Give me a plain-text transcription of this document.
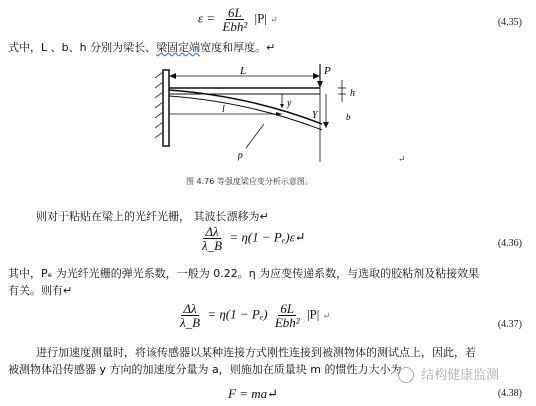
$\varepsilon = \frac{6L}{\text{Ebh²}} |P|$ ↵	(4.35)
式中，L 、b、h 分别为梁长、梁固定端宽度和厚度。↵
L	P
h
Y
y
l
ρ
b
↵
图 4.76 等强度梁应变分析示意图。
则对于粘贴在梁上的光纤光栅， 其波长漂移为↵
$\frac{\Delta\lambda}{\lambda\_B} = \eta(1$ − Pₑ)ε↵	(4.36)
其中，Pₑ 为光纤光栅的弹光系数，一般为 0.22。η 为应变传递系数，与选取的胶粘剂及粘接效果
有关。则有↵
$\frac{\Delta\lambda}{\lambda\_B} = \eta(1 - P_e) \frac{6L}{\text{Ebh²}} |P|$ ↵
(4.37)
进行加速度测量时，将该传感器以某种连接方式刚性连接到被测物体的测试点上，因此，若
被测物体沿传感器 y 方向的加速度分量为 a，则施加在质量块 m 的惯性力大小为
F = ma↵	(4.38)
结构健康监测
